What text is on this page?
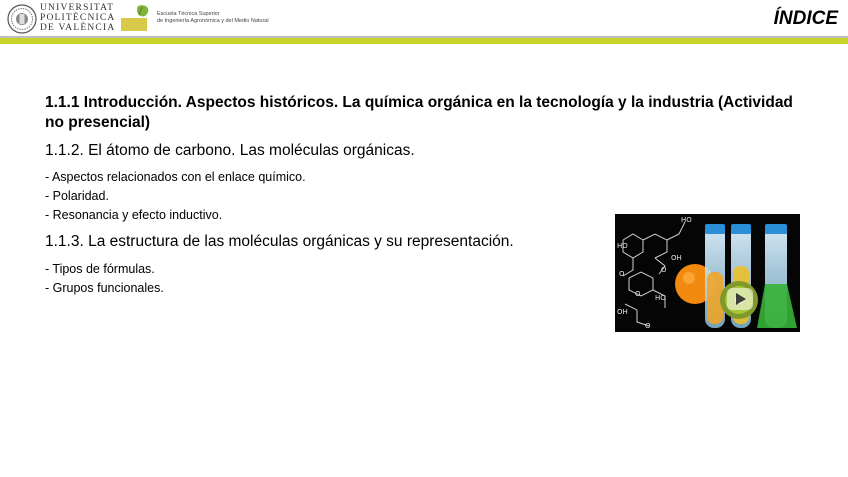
UNIVERSITAT
POLITÈCNICA
DE VALÈNCIA
Escuela Técnica Superior
de Ingeniería Agronómica y del Medio Natural	ÍNDICE

1.1.1 Introducción. Aspectos históricos. La química orgánica en la tecnología y la industria (Actividad no presencial)

1.1.2. El átomo de carbono. Las moléculas orgánicas.

- Aspectos relacionados con el enlace químico.
- Polaridad.
- Resonancia y efecto inductivo.

1.1.3. La estructura de las moléculas orgánicas y su representación.

- Tipos de fórmulas.
- Grupos funcionales.
HO
HO
OH
O
O
HO
OH
O
O
